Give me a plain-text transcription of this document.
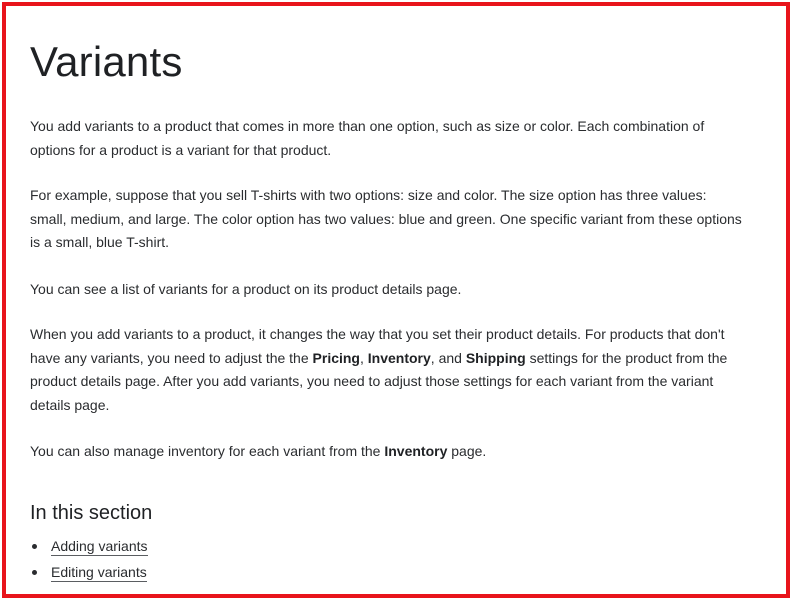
Variants

You add variants to a product that comes in more than one option, such as size or color. Each combination of options for a product is a variant for that product.

For example, suppose that you sell T-shirts with two options: size and color. The size option has three values: small, medium, and large. The color option has two values: blue and green. One specific variant from these options is a small, blue T-shirt.

You can see a list of variants for a product on its product details page.

When you add variants to a product, it changes the way that you set their product details. For products that don't have any variants, you need to adjust the the Pricing, Inventory, and Shipping settings for the product from the product details page. After you add variants, you need to adjust those settings for each variant from the variant details page.

You can also manage inventory for each variant from the Inventory page.

In this section
Adding variants
Editing variants
